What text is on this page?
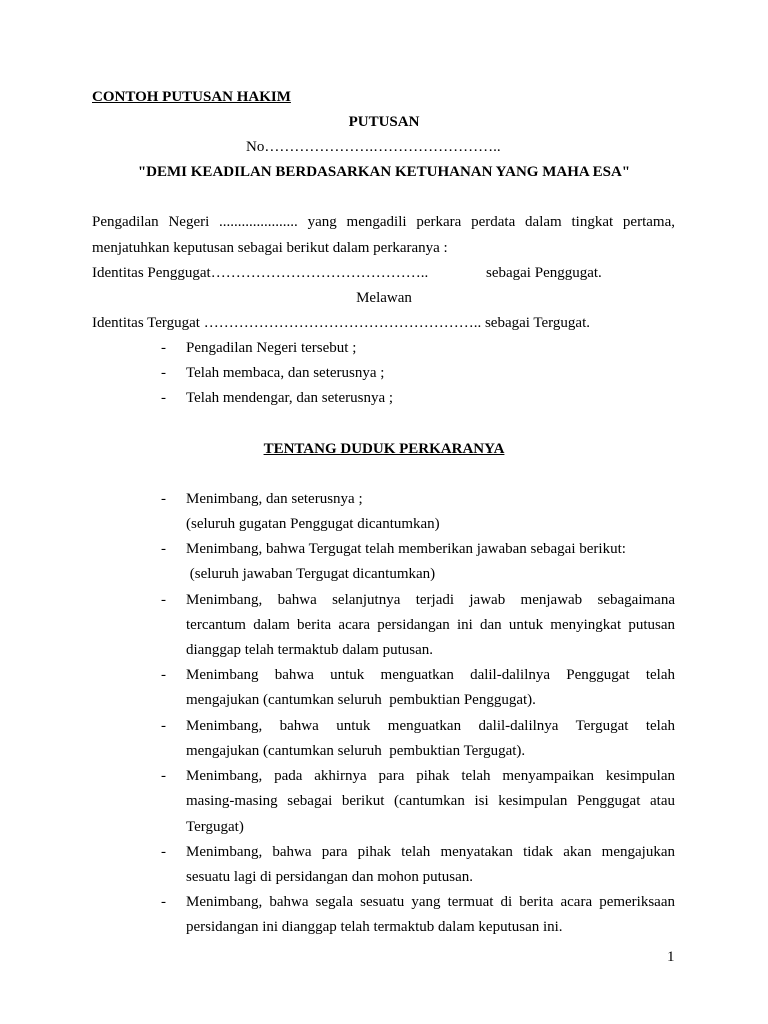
CONTOH PUTUSAN HAKIM
PUTUSAN
No………………….……………………..
"DEMI KEADILAN BERDASARKAN KETUHANAN YANG MAHA ESA"
Pengadilan Negeri ..................... yang mengadili perkara perdata dalam tingkat pertama,
menjatuhkan keputusan sebagai berikut dalam perkaranya :
Identitas Penggugat……………………………………..	sebagai Penggugat.
Melawan
Identitas Tergugat ……………………………………………….. sebagai Tergugat.
- Pengadilan Negeri tersebut ;
- Telah membaca, dan seterusnya ;
- Telah mendengar, dan seterusnya ;
TENTANG DUDUK PERKARANYA
- Menimbang, dan seterusnya ;
(seluruh gugatan Penggugat dicantumkan)
- Menimbang, bahwa Tergugat telah memberikan jawaban sebagai berikut:
(seluruh jawaban Tergugat dicantumkan)
- Menimbang, bahwa selanjutnya terjadi jawab menjawab sebagaimana
tercantum dalam berita acara persidangan ini dan untuk menyingkat putusan
dianggap telah termaktub dalam putusan.
- Menimbang bahwa untuk menguatkan dalil-dalilnya Penggugat telah
mengajukan (cantumkan seluruh  pembuktian Penggugat).
- Menimbang, bahwa untuk menguatkan dalil-dalilnya Tergugat telah
mengajukan (cantumkan seluruh  pembuktian Tergugat).
- Menimbang, pada akhirnya para pihak telah menyampaikan kesimpulan
masing-masing sebagai berikut (cantumkan isi kesimpulan Penggugat atau
Tergugat)
- Menimbang, bahwa para pihak telah menyatakan tidak akan mengajukan
sesuatu lagi di persidangan dan mohon putusan.
- Menimbang, bahwa segala sesuatu yang termuat di berita acara pemeriksaan
persidangan ini dianggap telah termaktub dalam keputusan ini.
1
